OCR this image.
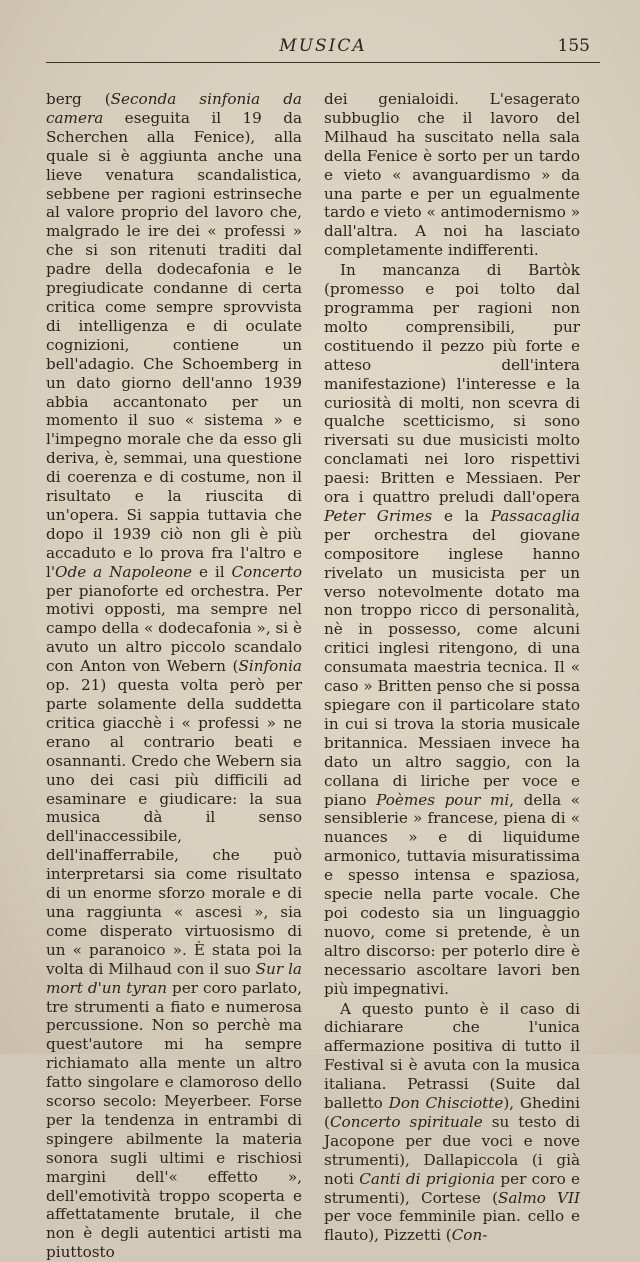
MUSICA	155

berg (Seconda sinfonia da camera eseguita il 19 da Scherchen alla Fenice), alla quale si è aggiunta anche una lieve venatura scandalistica, sebbene per ragioni estrinseche al valore proprio del lavoro che, malgrado le ire dei « professi » che si son ritenuti traditi dal padre della dodecafonia e le pregiudicate condanne di certa critica come sempre sprovvista di intelligenza e di oculate cognizioni, contiene un bell'adagio. Che Schoemberg in un dato giorno dell'anno 1939 abbia accantonato per un momento il suo « sistema » e l'impegno morale che da esso gli deriva, è, semmai, una questione di coerenza e di costume, non il risultato e la riuscita di un'opera. Si sappia tuttavia che dopo il 1939 ciò non gli è più accaduto e lo prova fra l'altro e l'Ode a Napoleone e il Concerto per pianoforte ed orchestra. Per motivi opposti, ma sempre nel campo della « dodecafonia », si è avuto un altro piccolo scandalo con Anton von Webern (Sinfonia op. 21) questa volta però per parte solamente della suddetta critica giacchè i « professi » ne erano al contrario beati e osannanti. Credo che Webern sia uno dei casi più difficili ad esaminare e giudicare: la sua musica dà il senso dell'inaccessibile, dell'inafferrabile, che può interpretarsi sia come risultato di un enorme sforzo morale e di una raggiunta « ascesi », sia come disperato virtuosismo di un « paranoico ». È stata poi la volta di Milhaud con il suo Sur la mort d'un tyran per coro parlato, tre strumenti a fiato e numerosa percussione. Non so perchè ma quest'autore mi ha sempre richiamato alla mente un altro fatto singolare e clamoroso dello scorso secolo: Meyerbeer. Forse per la tendenza in entrambi di spingere abilmente la materia sonora sugli ultimi e rischiosi margini dell'« effetto », dell'emotività troppo scoperta e affettatamente brutale, il che non è degli autentici artisti ma piuttosto

dei genialoidi. L'esagerato subbuglio che il lavoro del Milhaud ha suscitato nella sala della Fenice è sorto per un tardo e vieto « avanguardismo » da una parte e per un egualmente tardo e vieto « antimodernismo » dall'altra. A noi ha lasciato completamente indifferenti.

In mancanza di Bartòk (promesso e poi tolto dal programma per ragioni non molto comprensibili, pur costituendo il pezzo più forte e atteso dell'intera manifestazione) l'interesse e la curiosità di molti, non scevra di qualche scetticismo, si sono riversati su due musicisti molto conclamati nei loro rispettivi paesi: Britten e Messiaen. Per ora i quattro preludi dall'opera Peter Grimes e la Passacaglia per orchestra del giovane compositore inglese hanno rivelato un musicista per un verso notevolmente dotato ma non troppo ricco di personalità, nè in possesso, come alcuni critici inglesi ritengono, di una consumata maestria tecnica. Il « caso » Britten penso che si possa spiegare con il particolare stato in cui si trova la storia musicale britannica. Messiaen invece ha dato un altro saggio, con la collana di liriche per voce e piano Poèmes pour mi, della « sensiblerie » francese, piena di « nuances » e di liquidume armonico, tuttavia misuratissima e spesso intensa e spaziosa, specie nella parte vocale. Che poi codesto sia un linguaggio nuovo, come si pretende, è un altro discorso: per poterlo dire è necessario ascoltare lavori ben più impegnativi.

A questo punto è il caso di dichiarare che l'unica affermazione positiva di tutto il Festival si è avuta con la musica italiana. Petrassi (Suite dal balletto Don Chisciotte), Ghedini (Concerto spirituale su testo di Jacopone per due voci e nove strumenti), Dallapiccola (i già noti Canti di prigionia per coro e strumenti), Cortese (Salmo VII per voce femminile pian. cello e flauto), Pizzetti (Con-
